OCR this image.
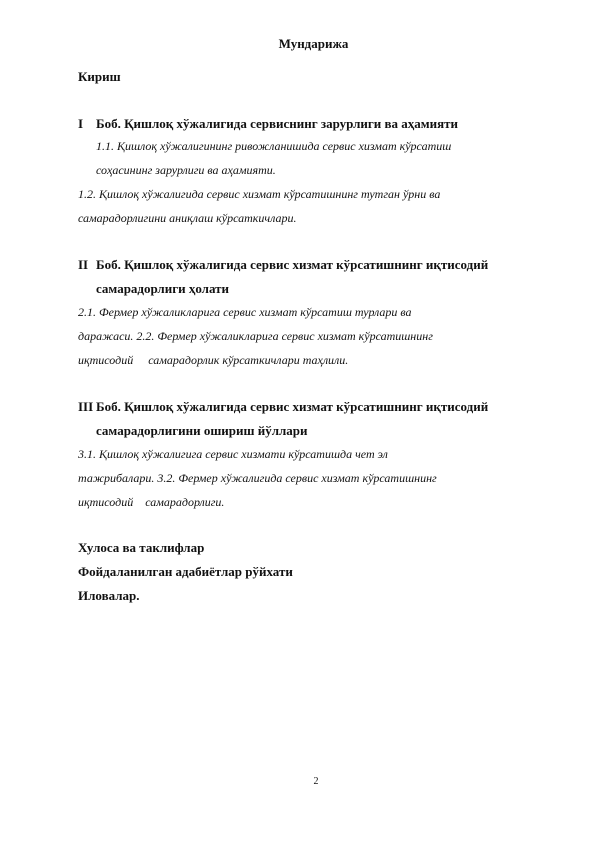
Мундарижа
Кириш
I Боб. Қишлоқ хўжалигида сервиснинг зарурлиги ва аҳамияти
1.1. Қишлоқ хўжалигининг ривожланишида сервис хизмат кўрсатиш
соҳасининг зарурлиги ва аҳамияти.
1.2. Қишлоқ хўжалигида сервис хизмат кўрсатишнинг тутган ўрни ва
самарадорлигини аниқлаш кўрсаткичлари.
II Боб. Қишлоқ хўжалигида сервис хизмат кўрсатишнинг иқтисодий
самарадорлиги ҳолати
2.1. Фермер хўжаликларига сервис хизмат кўрсатиш турлари ва
даражаси. 2.2. Фермер хўжаликларига сервис хизмат кўрсатишнинг
иқтисодий     самарадорлик кўрсаткичлари таҳлили.
III Боб. Қишлоқ хўжалигида сервис хизмат кўрсатишнинг иқтисодий
самарадорлигини ошириш йўллари
3.1. Қишлоқ хўжалигига сервис хизмати кўрсатишда чет эл
тажрибалари. 3.2. Фермер хўжалигида сервис хизмат кўрсатишнинг
иқтисодий    самарадорлиги.
Хулоса ва таклифлар
Фойдаланилган адабиётлар рўйхати
Иловалар.
2
